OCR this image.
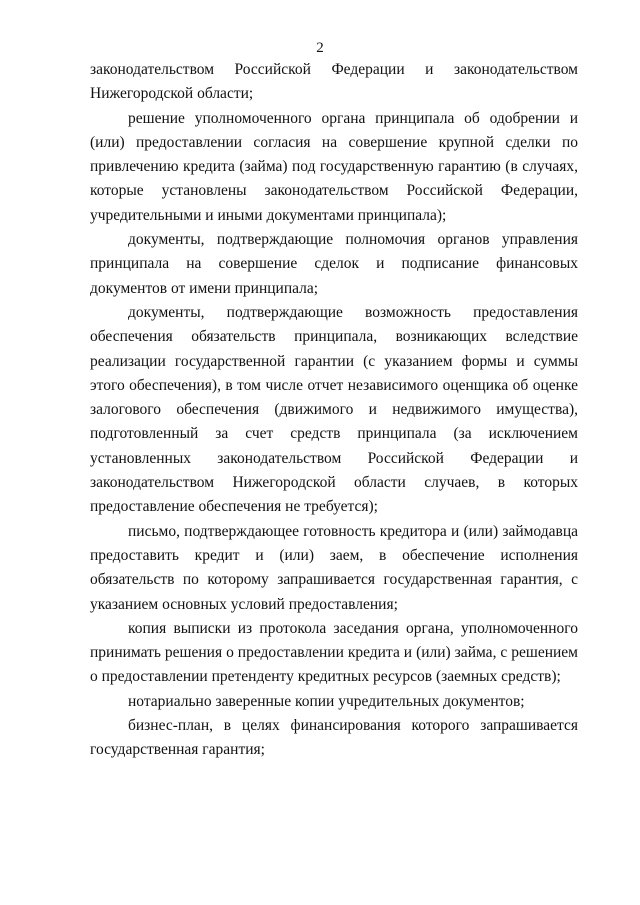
2

законодательством Российской Федерации и законодательством Нижегородской области;

решение уполномоченного органа принципала об одобрении и (или) предоставлении согласия на совершение крупной сделки по привлечению кредита (займа) под государственную гарантию (в случаях, которые установлены законодательством Российской Федерации, учредительными и иными документами принципала);

документы, подтверждающие полномочия органов управления принципала на совершение сделок и подписание финансовых документов от имени принципала;

документы, подтверждающие возможность предоставления обеспечения обязательств принципала, возникающих вследствие реализации государственной гарантии (с указанием формы и суммы этого обеспечения), в том числе отчет независимого оценщика об оценке залогового обеспечения (движимого и недвижимого имущества), подготовленный за счет средств принципала (за исключением установленных законодательством Российской Федерации и законодательством Нижегородской области случаев, в которых предоставление обеспечения не требуется);

письмо, подтверждающее готовность кредитора и (или) займодавца предоставить кредит и (или) заем, в обеспечение исполнения обязательств по которому запрашивается государственная гарантия, с указанием основных условий предоставления;

копия выписки из протокола заседания органа, уполномоченного принимать решения о предоставлении кредита и (или) займа, с решением о предоставлении претенденту кредитных ресурсов (заемных средств);

нотариально заверенные копии учредительных документов;

бизнес-план, в целях финансирования которого запрашивается государственная гарантия;
